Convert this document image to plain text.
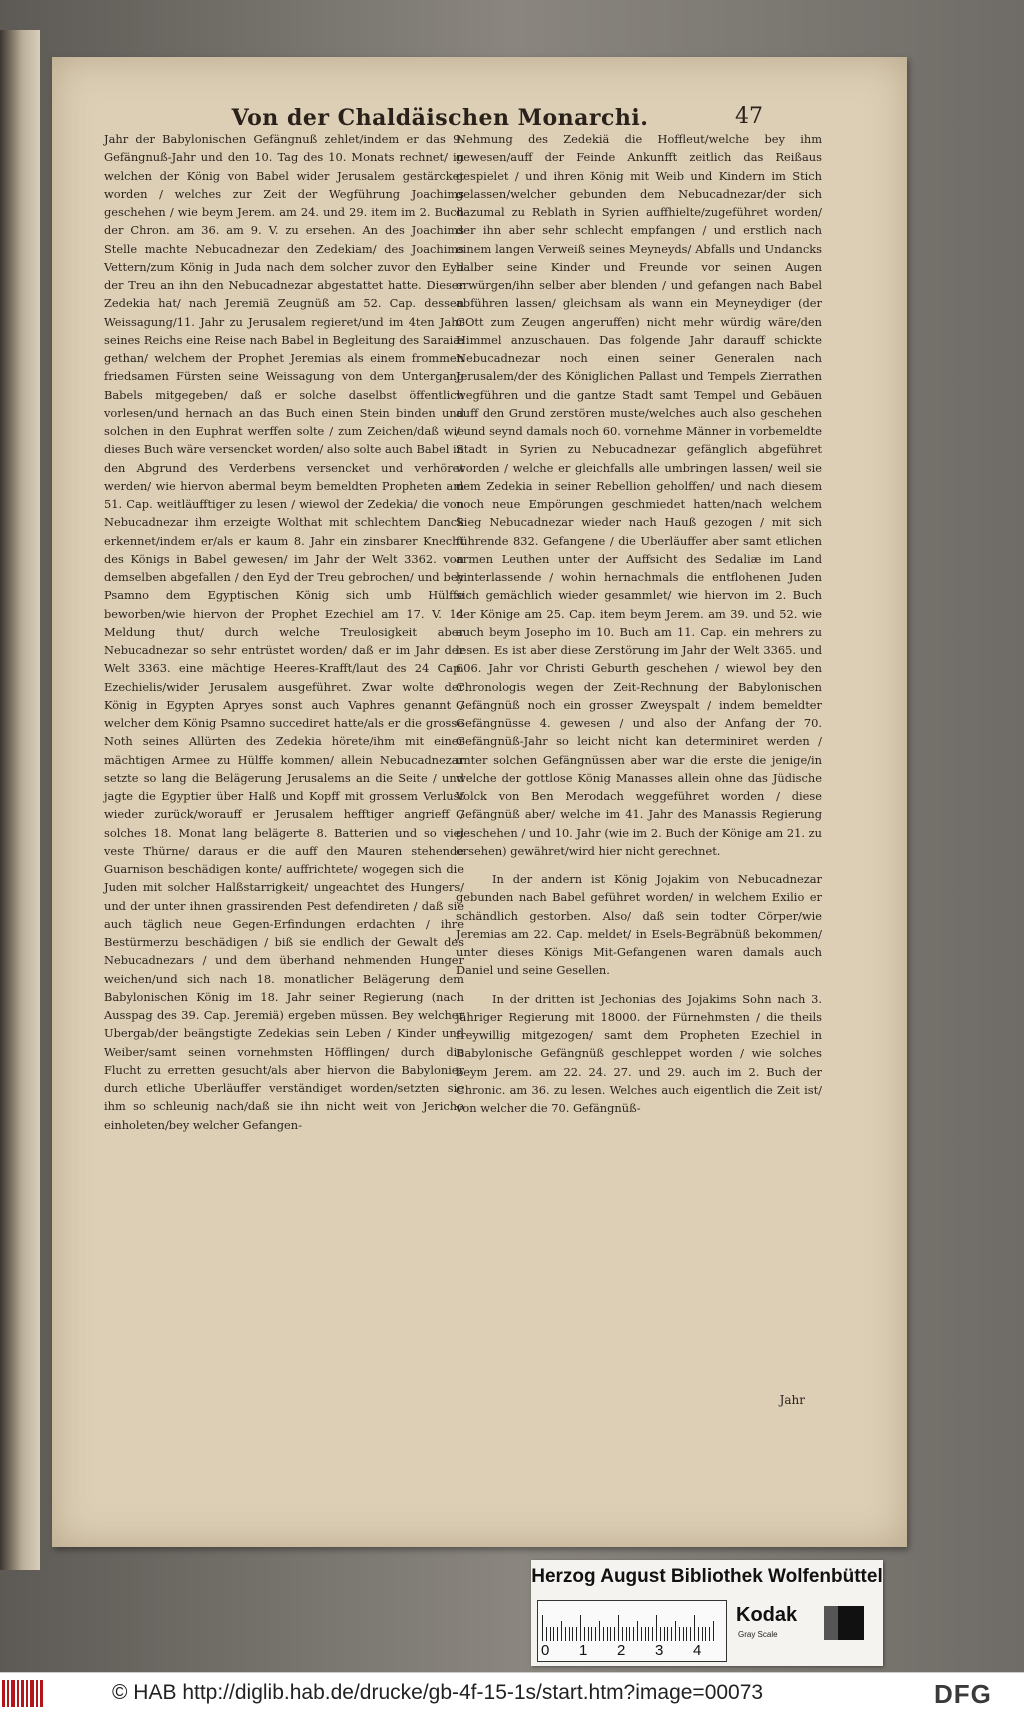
Von der Chaldäischen Monarchi.	47

Jahr der Babylonischen Gefängnuß zehlet/indem er das 9. Gefängnuß-Jahr und den 10. Tag des 10. Monats rechnet/ in welchen der König von Babel wider Jerusalem gestärcket worden / welches zur Zeit der Wegführung Joachims geschehen / wie beym Jerem. am 24. und 29. item im 2. Buch der Chron. am 36. am 9. V. zu ersehen. An des Joachims Stelle machte Nebucadnezar den Zedekiam/ des Joachims Vettern/zum König in Juda nach dem solcher zuvor den Eyd der Treu an ihn den Nebucadnezar abgestattet hatte. Dieser Zedekia hat/ nach Jeremiä Zeugnüß am 52. Cap. dessen Weissagung/11. Jahr zu Jerusalem regieret/und im 4ten Jahr seines Reichs eine Reise nach Babel in Begleitung des Saraiæ gethan/ welchem der Prophet Jeremias als einem frommen friedsamen Fürsten seine Weissagung von dem Untergang Babels mitgegeben/ daß er solche daselbst öffentlich vorlesen/und hernach an das Buch einen Stein binden und solchen in den Euphrat werffen solte / zum Zeichen/daß wie dieses Buch wäre versencket worden/ also solte auch Babel in den Abgrund des Verderbens versencket und verhöret werden/ wie hiervon abermal beym bemeldten Propheten am 51. Cap. weitläufftiger zu lesen / wiewol der Zedekia/ die von Nebucadnezar ihm erzeigte Wolthat mit schlechtem Danck erkennet/indem er/als er kaum 8. Jahr ein zinsbarer Knecht des Königs in Babel gewesen/ im Jahr der Welt 3362. von demselben abgefallen / den Eyd der Treu gebrochen/ und bey Psamno dem Egyptischen König sich umb Hülffe beworben/wie hiervon der Prophet Ezechiel am 17. V. 14 Meldung thut/ durch welche Treulosigkeit aber Nebucadnezar so sehr entrüstet worden/ daß er im Jahr der Welt 3363. eine mächtige Heeres-Krafft/laut des 24 Cap. Ezechielis/wider Jerusalem ausgeführet. Zwar wolte der König in Egypten Apryes sonst auch Vaphres genannt / welcher dem König Psamno succediret hatte/als er die grosse Noth seines Allürten des Zedekia hörete/ihm mit einer mächtigen Armee zu Hülffe kommen/ allein Nebucadnezar setzte so lang die Belägerung Jerusalems an die Seite / und jagte die Egyptier über Halß und Kopff mit grossem Verlust wieder zurück/worauff er Jerusalem hefftiger angrieff / solches 18. Monat lang belägerte 8. Batterien und so viel veste Thürne/ daraus er die auff den Mauren stehende Guarnison beschädigen konte/ auffrichtete/ wogegen sich die Juden mit solcher Halßstarrigkeit/ ungeachtet des Hungers/ und der unter ihnen grassirenden Pest defendireten / daß sie auch täglich neue Gegen-Erfindungen erdachten / ihre Bestürmerzu beschädigen / biß sie endlich der Gewalt des Nebucadnezars / und dem überhand nehmenden Hunger weichen/und sich nach 18. monatlicher Belägerung dem Babylonischen König im 18. Jahr seiner Regierung (nach Ausspag des 39. Cap. Jeremiä) ergeben müssen. Bey welcher Ubergab/der beängstigte Zedekias sein Leben / Kinder und Weiber/samt seinen vornehmsten Höfflingen/ durch die Flucht zu erretten gesucht/als aber hiervon die Babylonier durch etliche Uberläuffer verständiget worden/setzten sie ihm so schleunig nach/daß sie ihn nicht weit von Jericho einholeten/bey welcher Gefangen-

Nehmung des Zedekiä die Hoffleut/welche bey ihm gewesen/auff der Feinde Ankunfft zeitlich das Reißaus gespielet / und ihren König mit Weib und Kindern im Stich gelassen/welcher gebunden dem Nebucadnezar/der sich dazumal zu Reblath in Syrien auffhielte/zugeführet worden/ der ihn aber sehr schlecht empfangen / und erstlich nach einem langen Verweiß seines Meyneyds/ Abfalls und Undancks halber seine Kinder und Freunde vor seinen Augen erwürgen/ihn selber aber blenden / und gefangen nach Babel abführen lassen/ gleichsam als wann ein Meyneydiger (der GOtt zum Zeugen angeruffen) nicht mehr würdig wäre/den Himmel anzuschauen. Das folgende Jahr darauff schickte Nebucadnezar noch einen seiner Generalen nach Jerusalem/der des Königlichen Pallast und Tempels Zierrathen wegführen und die gantze Stadt samt Tempel und Gebäuen auff den Grund zerstören muste/welches auch also geschehen / und seynd damals noch 60. vornehme Männer in vorbemeldte Stadt in Syrien zu Nebucadnezar gefänglich abgeführet worden / welche er gleichfalls alle umbringen lassen/ weil sie dem Zedekia in seiner Rebellion geholffen/ und nach diesem noch neue Empörungen geschmiedet hatten/nach welchem Sieg Nebucadnezar wieder nach Hauß gezogen / mit sich führende 832. Gefangene / die Uberläuffer aber samt etlichen armen Leuthen unter der Auffsicht des Sedaliæ im Land hinterlassende / wohin hernachmals die entflohenen Juden sich gemächlich wieder gesammlet/ wie hiervon im 2. Buch der Könige am 25. Cap. item beym Jerem. am 39. und 52. wie auch beym Josepho im 10. Buch am 11. Cap. ein mehrers zu lesen. Es ist aber diese Zerstörung im Jahr der Welt 3365. und 606. Jahr vor Christi Geburth geschehen / wiewol bey den Chronologis wegen der Zeit-Rechnung der Babylonischen Gefängnüß noch ein grosser Zweyspalt / indem bemeldter Gefängnüsse 4. gewesen / und also der Anfang der 70. Gefängnüß-Jahr so leicht nicht kan determiniret werden / unter solchen Gefängnüssen aber war die erste die jenige/in welche der gottlose König Manasses allein ohne das Jüdische Volck von Ben Merodach weggeführet worden / diese Gefängnüß aber/ welche im 41. Jahr des Manassis Regierung geschehen / und 10. Jahr (wie im 2. Buch der Könige am 21. zu ersehen) gewähret/wird hier nicht gerechnet.

In der andern ist König Jojakim von Nebucadnezar gebunden nach Babel geführet worden/ in welchem Exilio er schändlich gestorben. Also/ daß sein todter Cörper/wie Jeremias am 22. Cap. meldet/ in Esels-Begräbnüß bekommen/ unter dieses Königs Mit-Gefangenen waren damals auch Daniel und seine Gesellen.

In der dritten ist Jechonias des Jojakims Sohn nach 3. jähriger Regierung mit 18000. der Fürnehmsten / die theils freywillig mitgezogen/ samt dem Propheten Ezechiel in Babylonische Gefängnüß geschleppet worden / wie solches beym Jerem. am 22. 24. 27. und 29. auch im 2. Buch der Chronic. am 36. zu lesen. Welches auch eigentlich die Zeit ist/ von welcher die 70. Gefängnüß-

Jahr
Herzog August Bibliothek Wolfenbüttel
0 1 2 3 4
Kodak
Gray Scale
© HAB http://diglib.hab.de/drucke/gb-4f-15-1s/start.htm?image=00073	DFG
